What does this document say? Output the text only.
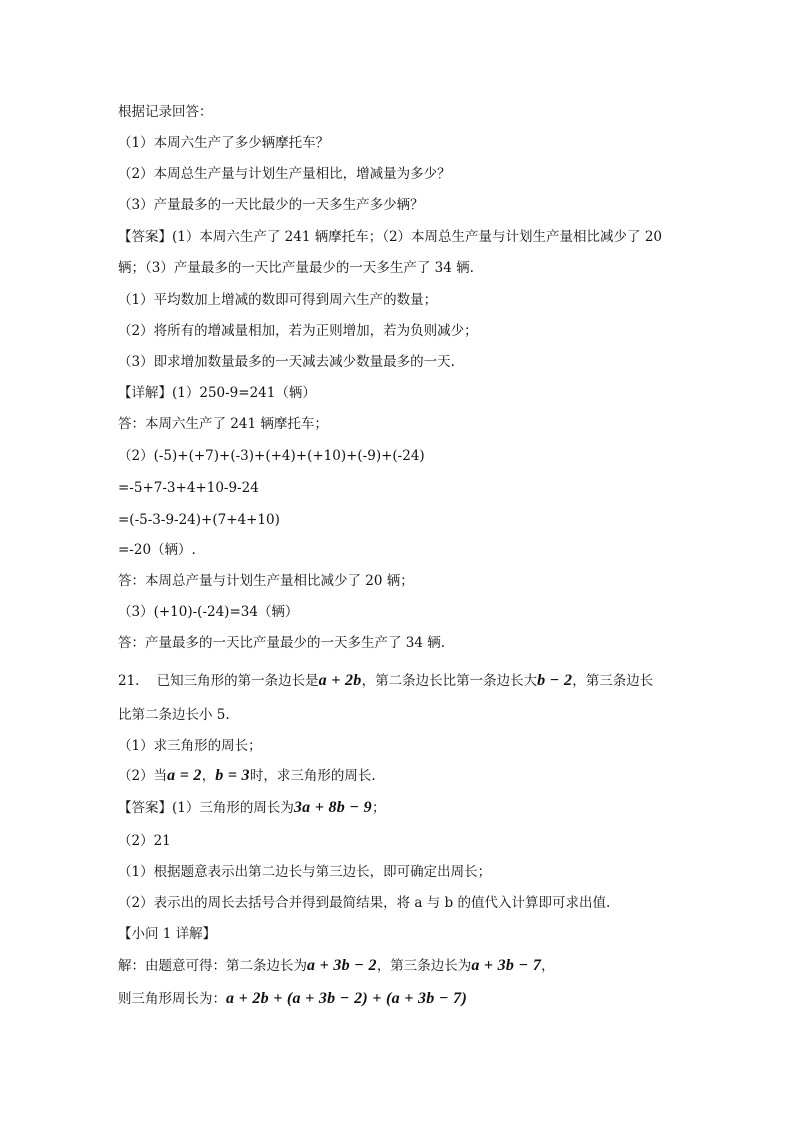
根据记录回答：

（1）本周六生产了多少辆摩托车？

（2）本周总生产量与计划生产量相比，增减量为多少？

（3）产量最多的一天比最少的一天多生产多少辆？

【答案】(1）本周六生产了 241 辆摩托车；（2）本周总生产量与计划生产量相比减少了 20

辆；（3）产量最多的一天比产量最少的一天多生产了 34 辆.

（1）平均数加上增减的数即可得到周六生产的数量；

（2）将所有的增减量相加，若为正则增加，若为负则减少；

（3）即求增加数量最多的一天减去减少数量最多的一天.

【详解】(1）250-9=241（辆）

答：本周六生产了 241 辆摩托车；

（2）(-5)+(+7)+(-3)+(+4)+(+10)+(-9)+(-24)

=-5+7-3+4+10-9-24

=(-5-3-9-24)+(7+4+10)

=-20（辆）.

答：本周总产量与计划生产量相比减少了 20 辆；

（3）(+10)-(-24)=34（辆）

答：产量最多的一天比产量最少的一天多生产了 34 辆.

21. 已知三角形的第一条边长是a + 2b，第二条边长比第一条边长大b − 2，第三条边长

比第二条边长小 5.

（1）求三角形的周长；

（2）当a = 2，b = 3时，求三角形的周长.

【答案】(1）三角形的周长为3a + 8b − 9；

（2）21

（1）根据题意表示出第二边长与第三边长，即可确定出周长；

（2）表示出的周长去括号合并得到最简结果，将 a 与 b 的值代入计算即可求出值.

【小问 1 详解】

解：由题意可得：第二条边长为a + 3b − 2，第三条边长为a + 3b − 7，

则三角形周长为：a + 2b + (a + 3b − 2) + (a + 3b − 7)
